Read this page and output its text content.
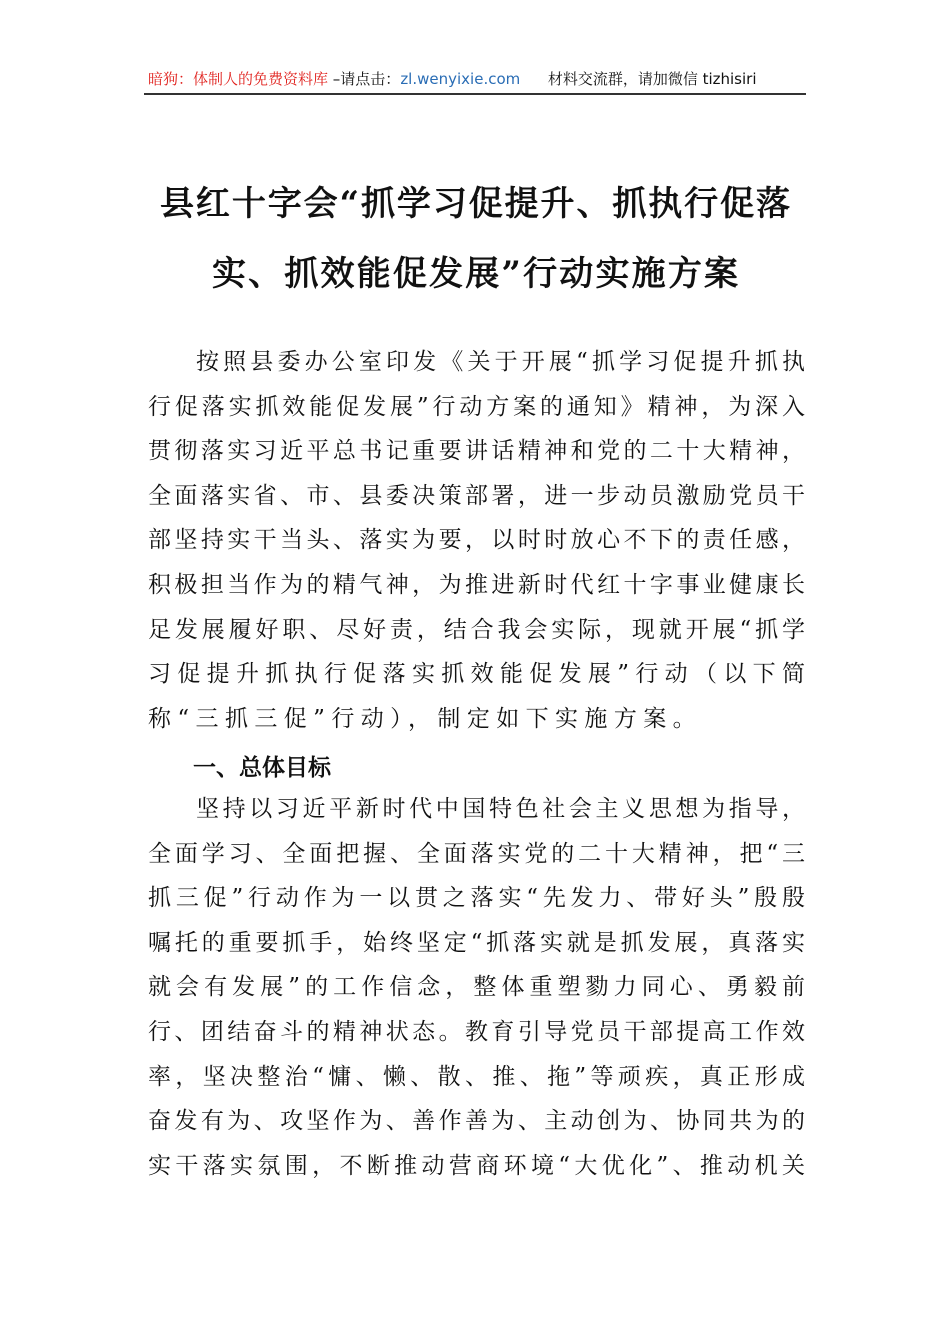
暗狗：体制人的免费资料库 –请点击：zl.wenyixie.com 材料交流群，请加微信 tizhisiri
县红十字会“抓学习促提升、抓执行促落
实、抓效能促发展”行动实施方案
按照县委办公室印发《关于开展“抓学习促提升抓执
行促落实抓效能促发展”行动方案的通知》精神，为深入
贯彻落实习近平总书记重要讲话精神和党的二十大精神，
全面落实省、市、县委决策部署，进一步动员激励党员干
部坚持实干当头、落实为要，以时时放心不下的责任感，
积极担当作为的精气神，为推进新时代红十字事业健康长
足发展履好职、尽好责，结合我会实际，现就开展“抓学
习促提升抓执行促落实抓效能促发展”行动（以下简
称“三抓三促”行动），制定如下实施方案。
一、总体目标
坚持以习近平新时代中国特色社会主义思想为指导，
全面学习、全面把握、全面落实党的二十大精神，把“三
抓三促”行动作为一以贯之落实“先发力、带好头”殷殷
嘱托的重要抓手，始终坚定“抓落实就是抓发展，真落实
就会有发展”的工作信念，整体重塑勠力同心、勇毅前
行、团结奋斗的精神状态。教育引导党员干部提高工作效
率，坚决整治“慵、懒、散、推、拖”等顽疾，真正形成
奋发有为、攻坚作为、善作善为、主动创为、协同共为的
实干落实氛围，不断推动营商环境“大优化”、推动机关
